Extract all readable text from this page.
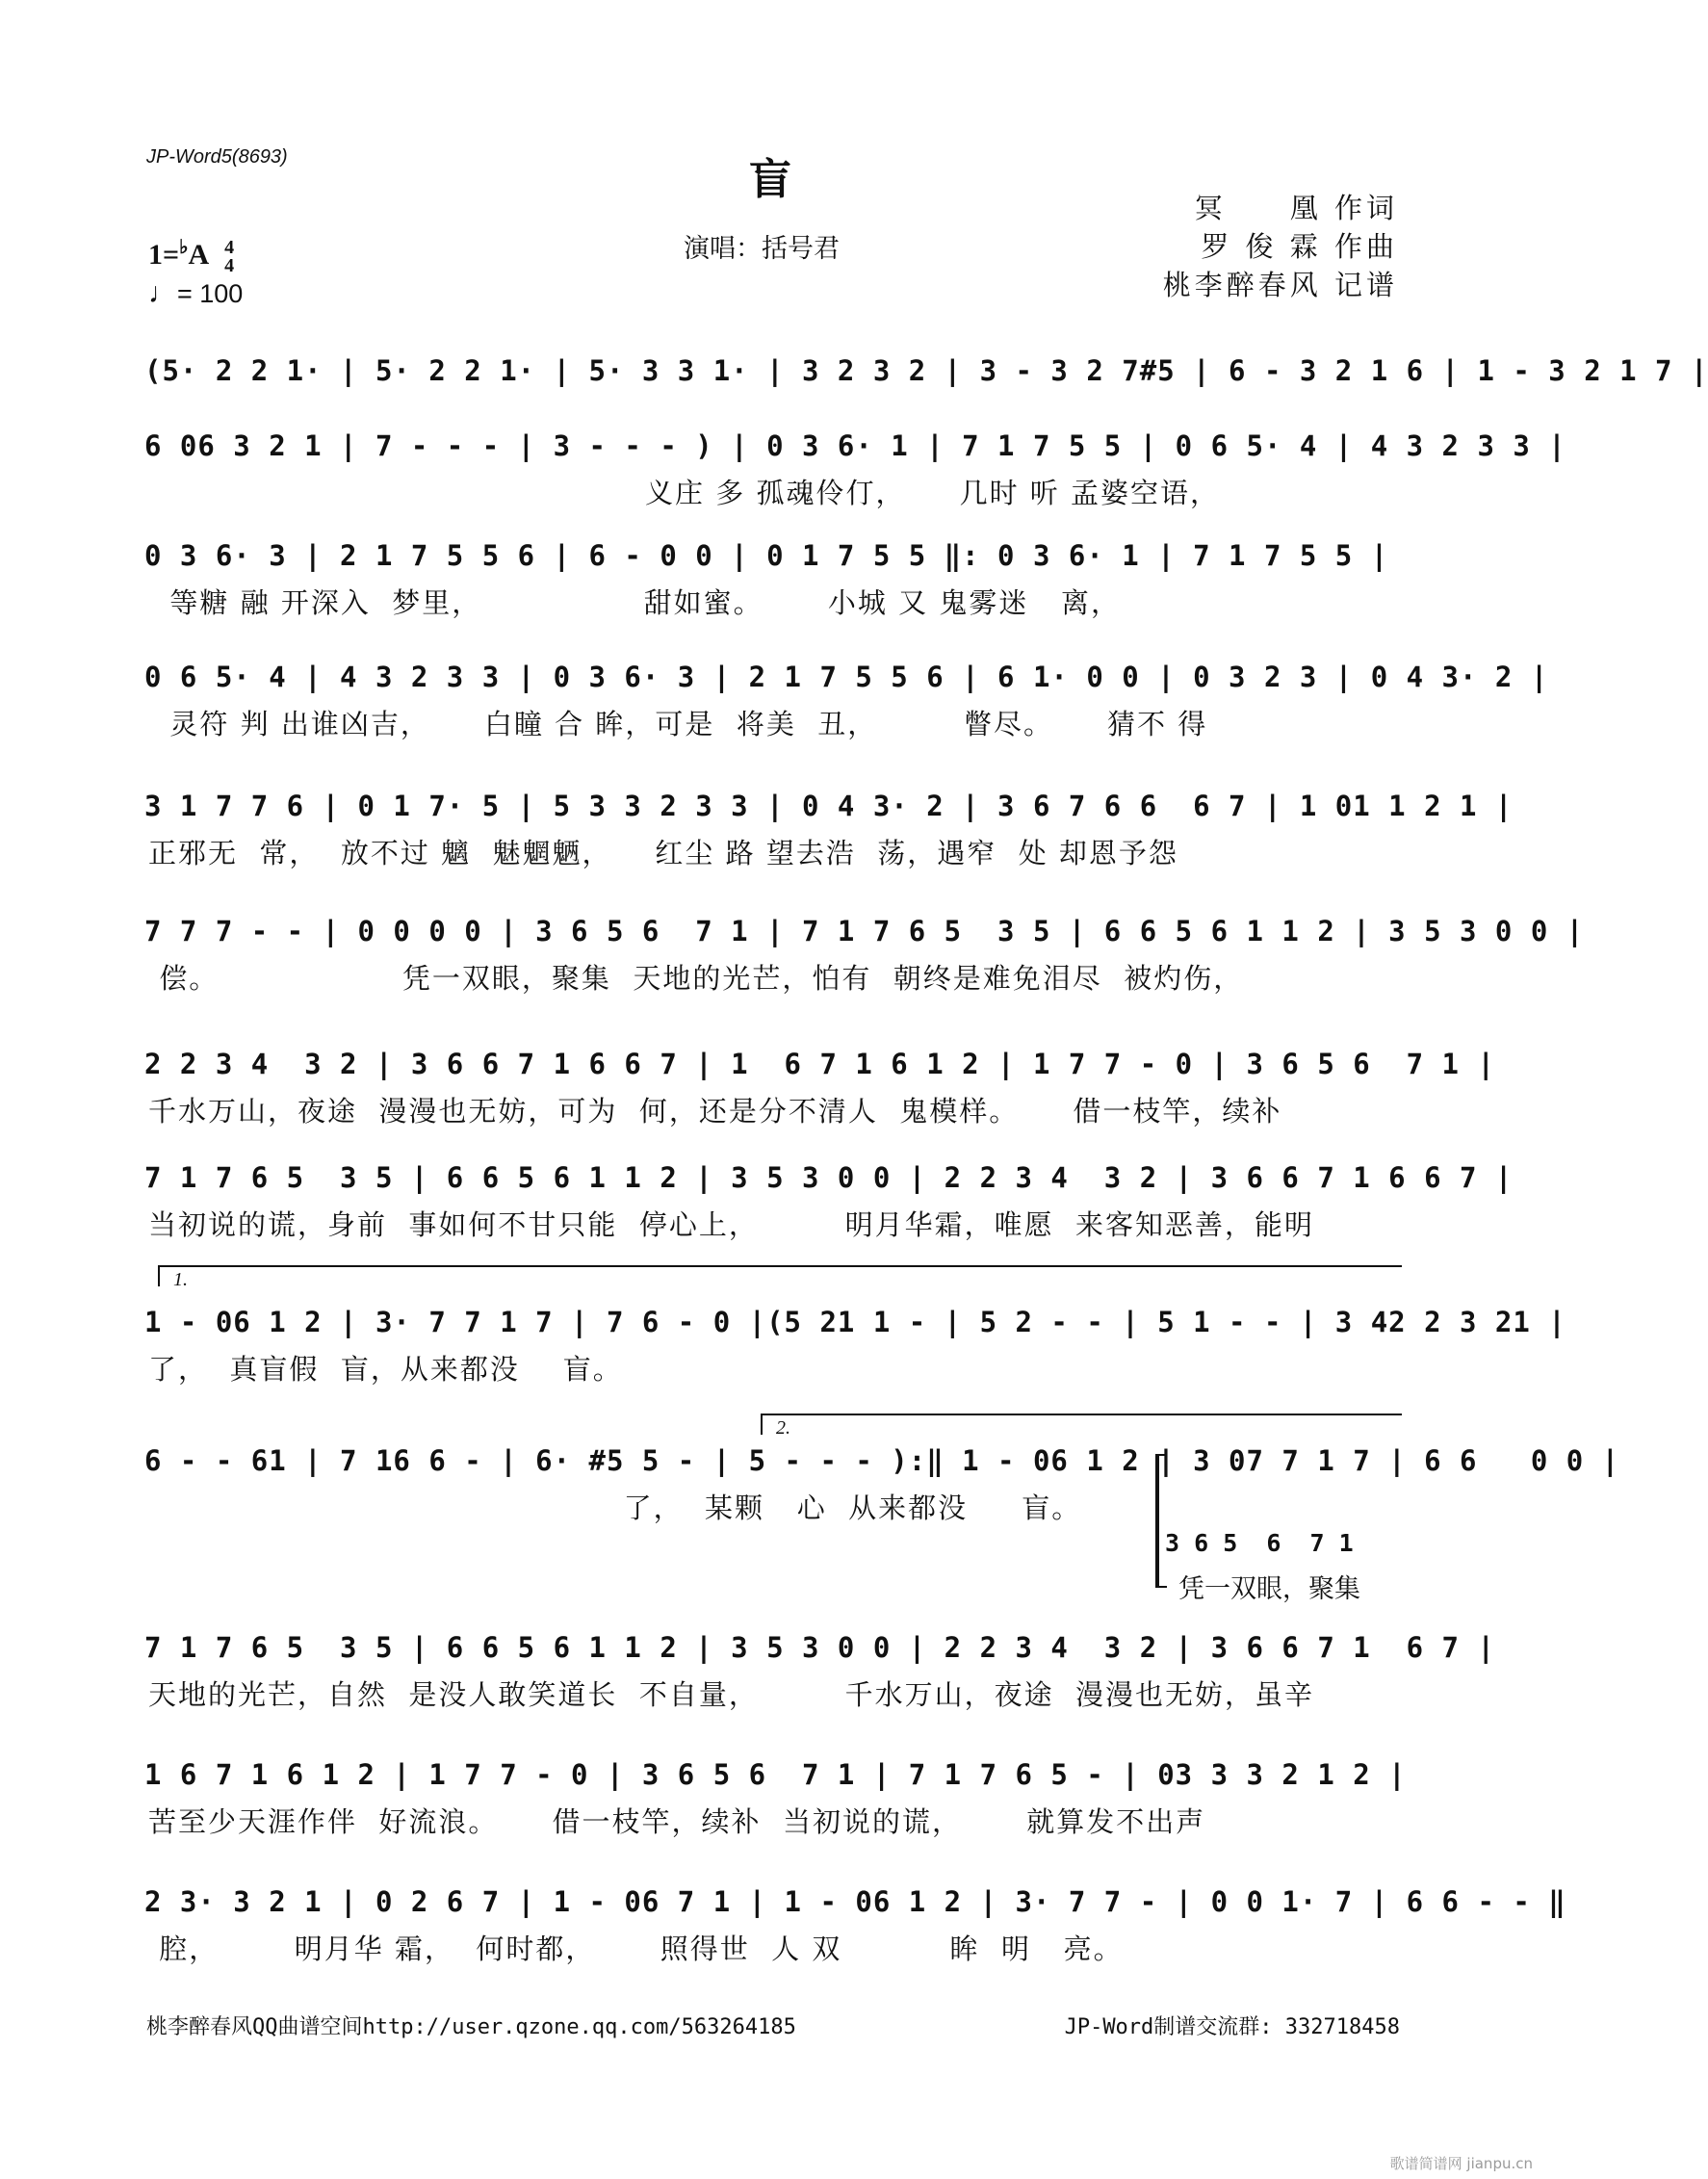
JP-Word5(8693)	盲
演唱：括号君
冥　　凰 作词
罗 俊 霖 作曲
桃李醉春风 记谱
1=♭A 4
4
♩= 100
(5· 2 2 1· | 5· 2 2 1· | 5· 3 3 1· | 3 2 3 2 | 3 - 3 2 7#5 | 6 - 3 2 1 6 | 1 - 3 2 1 7 |
6 06 3 2 1 | 7 - - - | 3 - - - ) | 0 3 6· 1 | 7 1 7 5 5 | 0 6 5· 4 | 4 3 2 3 3 |
义庄 多 孤魂伶仃，     几时 听 孟婆空语，
0 3 6· 3 | 2 1 7 5 5 6 | 6 - 0 0 | 0 1 7 5 5 ‖: 0 3 6· 1 | 7 1 7 5 5 |
等糖 融 开深入  梦里，               甜如蜜。      小城 又 鬼雾迷   离，
0 6 5· 4 | 4 3 2 3 3 | 0 3 6· 3 | 2 1 7 5 5 6 | 6 1· 0 0 | 0 3 2 3 | 0 4 3· 2 |
灵符 判 出谁凶吉，     白瞳 合 眸，可是  将美  丑，        瞥尽。     猜不 得
3 1 7 7 6 | 0 1 7· 5 | 5 3 3 2 3 3 | 0 4 3· 2 | 3 6 7 6 6  6 7 | 1 01 1 2 1 |
正邪无  常，  放不过 魑  魅魍魉，    红尘 路 望去浩  荡，遇窄  处 却恩予怨
7 7 7 - - | 0 0 0 0 | 3 6 5 6  7 1 | 7 1 7 6 5  3 5 | 6 6 5 6 1 1 2 | 3 5 3 0 0 |
偿。                 凭一双眼，聚集  天地的光芒，怕有  朝终是难免泪尽  被灼伤，
2 2 3 4  3 2 | 3 6 6 7 1 6 6 7 | 1  6 7 1 6 1 2 | 1 7 7 - 0 | 3 6 5 6  7 1 |
千水万山，夜途  漫漫也无妨，可为  何，还是分不清人  鬼模样。     借一枝竿，续补
7 1 7 6 5  3 5 | 6 6 5 6 1 1 2 | 3 5 3 0 0 | 2 2 3 4  3 2 | 3 6 6 7 1 6 6 7 |
当初说的谎，身前  事如何不甘只能  停心上，        明月华霜，唯愿  来客知恶善，能明
1 - 06 1 2 | 3· 7 7 1 7 | 7 6 - 0 |(5 21 1 - | 5 2 - - | 5 1 - - | 3 42 2 3 21 |
了，  真盲假  盲，从来都没    盲。
6 - - 61 | 7 16 6 - | 6· #5 5 - | 5 - - - ):‖ 1 - 06 1 2 | 3 07 7 1 7 | 6 6   0 0 |
了，  某颗   心  从来都没     盲。
7 1 7 6 5  3 5 | 6 6 5 6 1 1 2 | 3 5 3 0 0 | 2 2 3 4  3 2 | 3 6 6 7 1  6 7 |
天地的光芒，自然  是没人敢笑道长  不自量，        千水万山，夜途  漫漫也无妨，虽辛
1 6 7 1 6 1 2 | 1 7 7 - 0 | 3 6 5 6  7 1 | 7 1 7 6 5 - | 03 3 3 2 1 2 |
苦至少天涯作伴  好流浪。     借一枝竿，续补  当初说的谎，      就算发不出声
2 3· 3 2 1 | 0 2 6 7 | 1 - 06 7 1 | 1 - 06 1 2 | 3· 7 7 - | 0 0 1· 7 | 6 6 - - ‖
腔，       明月华 霜，  何时都，      照得世  人 双          眸  明   亮。
1.
2.
3 6 5  6  7 1
凭一双眼，聚集
桃李醉春风QQ曲谱空间http://user.qzone.qq.com/563264185	JP-Word制谱交流群: 332718458
歌谱简谱网 jianpu.cn
